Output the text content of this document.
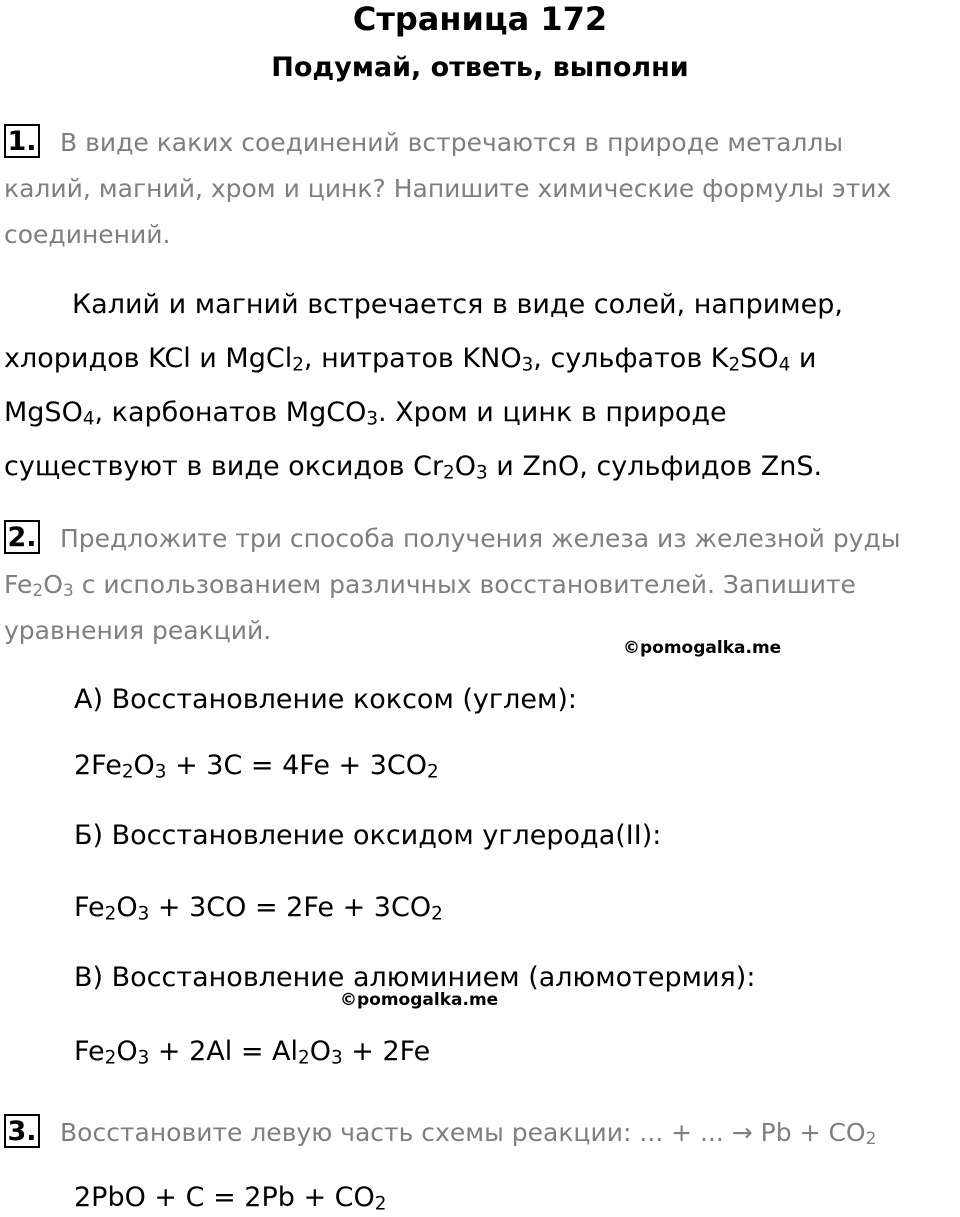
Страница 172
Подумай, ответь, выполни
1. В виде каких соединений встречаются в природе металлы
калий, магний, хром и цинк? Напишите химические формулы этих
соединений.
Калий и магний встречается в виде солей, например,
хлоридов KCl и MgCl$_2$, нитратов $KNO_3$, сульфатов $K_2SO_4$ и
MgSO$_4$, карбонатов MgCO$_3$. Хром и цинк в природе
существуют в виде оксидов $Cr_2O_3$ и ZnO, сульфидов ZnS.
2. Предложите три способа получения железа из железной руды
$Fe_2O_3$ с использованием различных восстановителей. Запишите
уравнения реакций.
©pomogalka.me
А) Восстановление коксом (углем):
$2Fe_2O_3 + 3C = 4Fe + 3CO_2$
Б) Восстановление оксидом углерода(II):
$Fe_2O_3 + 3CO = 2Fe + 3CO_2$
В) Восстановление алюминием (алюмотермия):
©pomogalka.me
$Fe_2O_3 + 2Al = Al_2O_3 + 2Fe$
3. Восстановите левую часть схемы реакции: ... + ... → $Pb + CO_2$
$2PbO + C = 2Pb + CO_2$
